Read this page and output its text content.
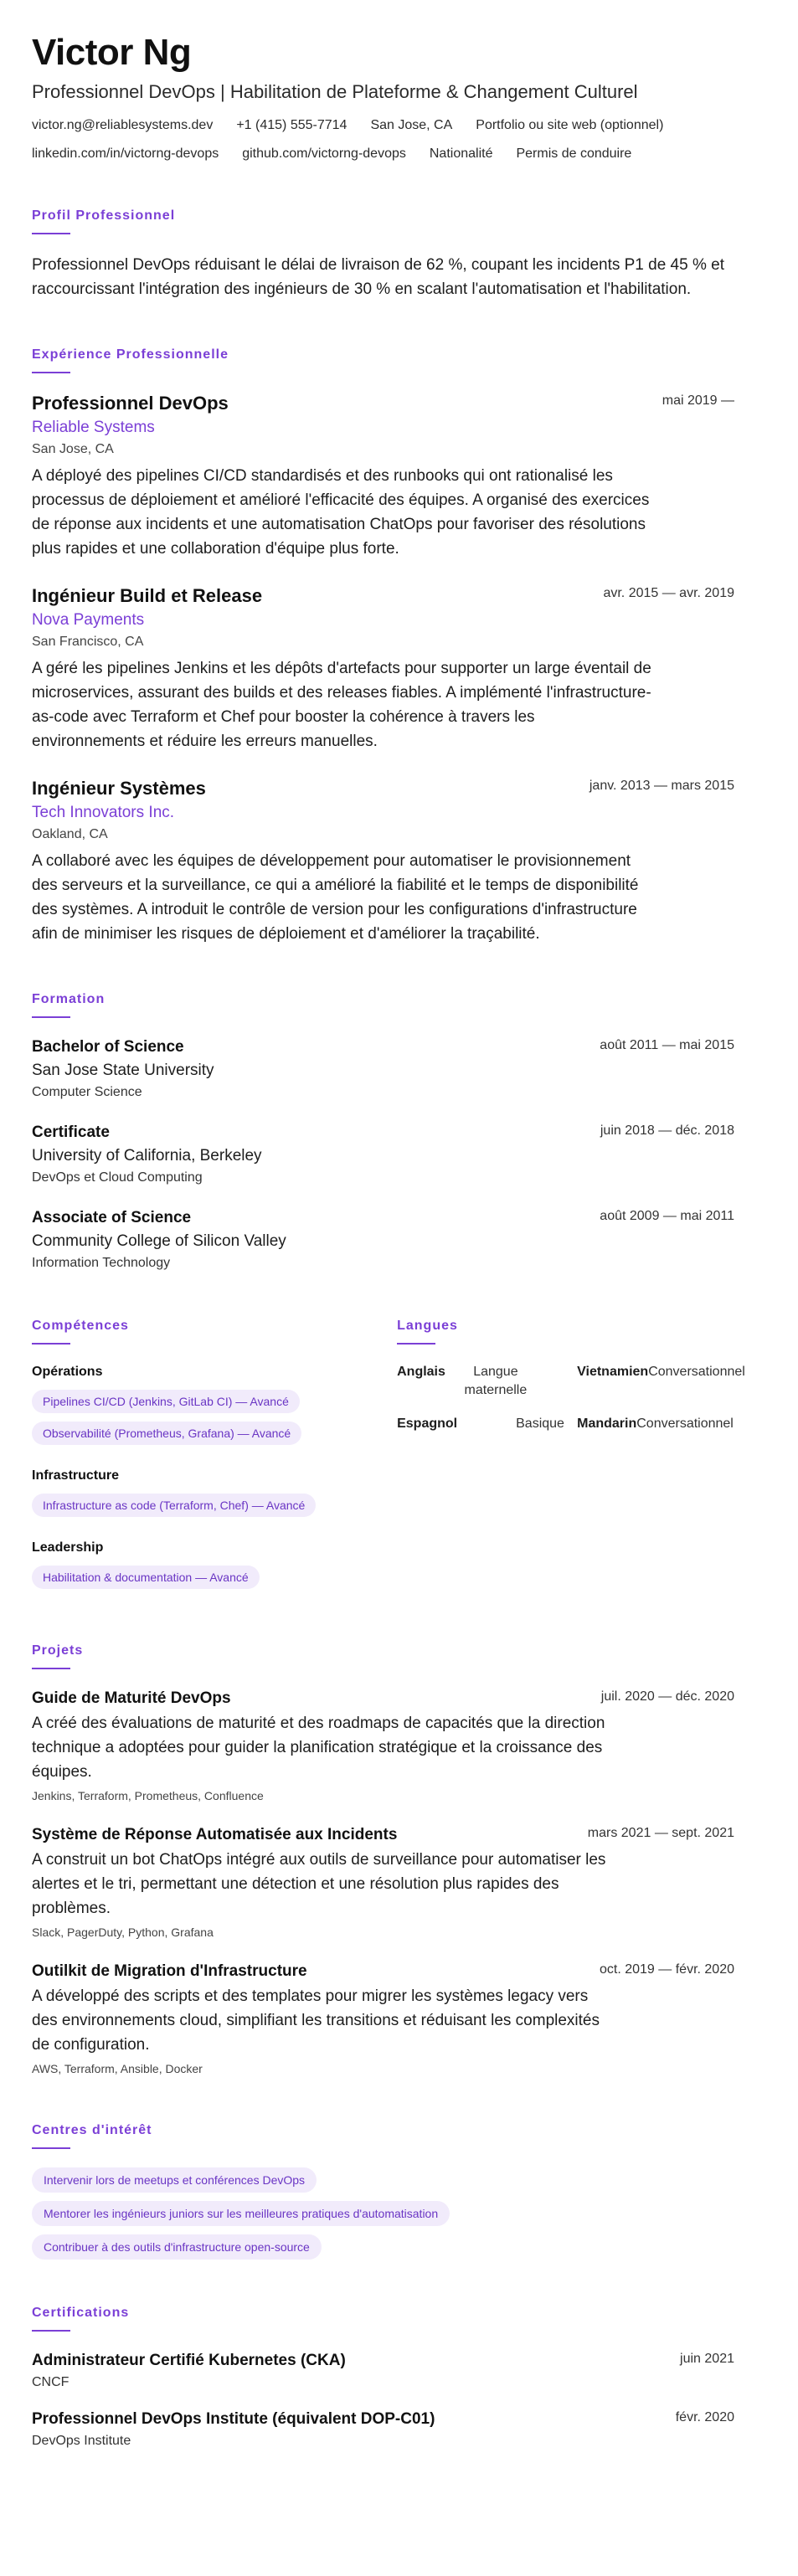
Victor Ng
Professionnel DevOps | Habilitation de Plateforme & Changement Culturel
victor.ng@reliablesystems.dev +1 (415) 555-7714 San Jose, CA Portfolio ou site web (optionnel)
linkedin.com/in/victorng-devops github.com/victorng-devops Nationalité Permis de conduire
Profil Professionnel
Professionnel DevOps réduisant le délai de livraison de 62 %, coupant les incidents P1 de 45 % et raccourcissant l'intégration des ingénieurs de 30 % en scalant l'automatisation et l'habilitation.
Expérience Professionnelle
mai 2019 —
Professionnel DevOps
Reliable Systems
San Jose, CA
A déployé des pipelines CI/CD standardisés et des runbooks qui ont rationalisé les processus de déploiement et amélioré l'efficacité des équipes. A organisé des exercices de réponse aux incidents et une automatisation ChatOps pour favoriser des résolutions plus rapides et une collaboration d'équipe plus forte.
avr. 2015 — avr. 2019
Ingénieur Build et Release
Nova Payments
San Francisco, CA
A géré les pipelines Jenkins et les dépôts d'artefacts pour supporter un large éventail de microservices, assurant des builds et des releases fiables. A implémenté l'infrastructure-as-code avec Terraform et Chef pour booster la cohérence à travers les environnements et réduire les erreurs manuelles.
janv. 2013 — mars 2015
Ingénieur Systèmes
Tech Innovators Inc.
Oakland, CA
A collaboré avec les équipes de développement pour automatiser le provisionnement des serveurs et la surveillance, ce qui a amélioré la fiabilité et le temps de disponibilité des systèmes. A introduit le contrôle de version pour les configurations d'infrastructure afin de minimiser les risques de déploiement et d'améliorer la traçabilité.
Formation
août 2011 — mai 2015
Bachelor of Science
San Jose State University
Computer Science
juin 2018 — déc. 2018
Certificate
University of California, Berkeley
DevOps et Cloud Computing
août 2009 — mai 2011
Associate of Science
Community College of Silicon Valley
Information Technology
Compétences
Opérations
Pipelines CI/CD (Jenkins, GitLab CI) — Avancé
Observabilité (Prometheus, Grafana) — Avancé
Infrastructure
Infrastructure as code (Terraform, Chef) — Avancé
Leadership
Habilitation & documentation — Avancé
Langues
Anglais	Langue maternelle
Vietnamien Conversationnel
Espagnol	Basique Mandarin Conversationnel
Projets
juil. 2020 — déc. 2020
Guide de Maturité DevOps
A créé des évaluations de maturité et des roadmaps de capacités que la direction technique a adoptées pour guider la planification stratégique et la croissance des équipes.
Jenkins, Terraform, Prometheus, Confluence
mars 2021 — sept. 2021
Système de Réponse Automatisée aux Incidents
A construit un bot ChatOps intégré aux outils de surveillance pour automatiser les alertes et le tri, permettant une détection et une résolution plus rapides des problèmes.
Slack, PagerDuty, Python, Grafana
oct. 2019 — févr. 2020
Outilkit de Migration d'Infrastructure
A développé des scripts et des templates pour migrer les systèmes legacy vers des environnements cloud, simplifiant les transitions et réduisant les complexités de configuration.
AWS, Terraform, Ansible, Docker
Centres d'intérêt
Intervenir lors de meetups et conférences DevOps
Mentorer les ingénieurs juniors sur les meilleures pratiques d'automatisation
Contribuer à des outils d'infrastructure open-source
Certifications
juin 2021
Administrateur Certifié Kubernetes (CKA)
CNCF
févr. 2020
Professionnel DevOps Institute (équivalent DOP-C01)
DevOps Institute
